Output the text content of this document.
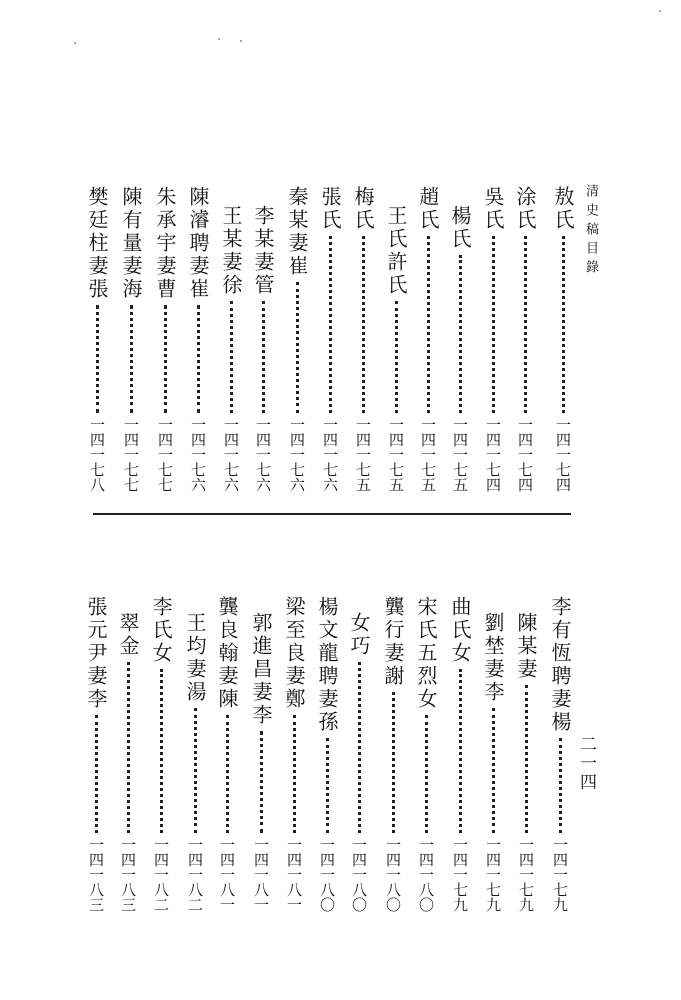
清史稿目錄
二一四
敖氏
一四一七四
涂氏
一四一七四
吳氏
一四一七四
楊氏
一四一七五
趙氏
一四一七五
王氏
許氏
一四一七五
梅氏
一四一七五
張氏
一四一七六
秦某妻崔
一四一七六
李某妻管
一四一七六
王某妻徐
一四一七六
陳濬聘妻崔
一四一七六
朱承宇妻曹
一四一七七
陳有量妻海
一四一七七
樊廷柱妻張
一四一七八
李有恆聘妻楊
一四一七九
陳某妻
一四一七九
劉埜妻李
一四一七九
曲氏女
一四一七九
宋氏五烈女
一四一八〇
龔行妻謝
一四一八〇
女巧
一四一八〇
楊文龍聘妻孫
一四一八〇
梁至良妻鄭
一四一八一
郭進昌妻李
一四一八一
龔良翰妻陳
一四一八一
王均妻湯
一四一八二
李氏女
一四一八二
翠金
一四一八三
張元尹妻李
一四一八三
